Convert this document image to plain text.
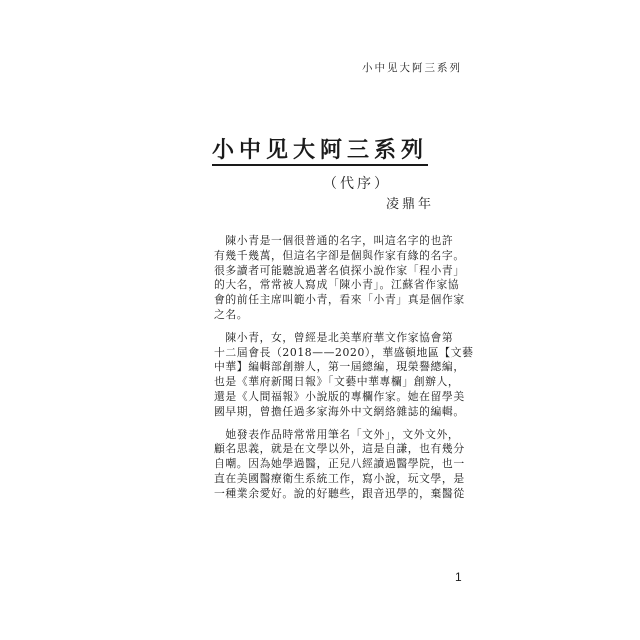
小中见大阿三系列
小中见大阿三系列
（代序）
凌鼎年
　陳小青是一個很普通的名字，叫這名字的也許
有幾千幾萬，但這名字卻是個與作家有緣的名字。
很多讀者可能聽說過著名偵探小說作家「程小青」
的大名，常常被人寫成「陳小青」。江蘇省作家協
會的前任主席叫範小青，看來「小青」真是個作家
之名。
　陳小青，女，曾經是北美華府華文作家協會第
十二屆會長（2018——2020），華盛頓地區【文藝
中華】編輯部創辦人，第一屆總編，現榮譽總編，
也是《華府新聞日報》「文藝中華專欄」創辦人，
還是《人間福報》小說版的專欄作家。她在留學美
國早期，曾擔任過多家海外中文網絡雜誌的編輯。
　她發表作品時常常用筆名「文外」，文外文外，
顧名思義，就是在文學以外，這是自謙，也有幾分
自嘲。因為她學過醫，正兒八經讀過醫學院，也一
直在美國醫療衛生系統工作，寫小說，玩文學，是
一種業余愛好。說的好聽些，跟音迅學的，棄醫從
1
